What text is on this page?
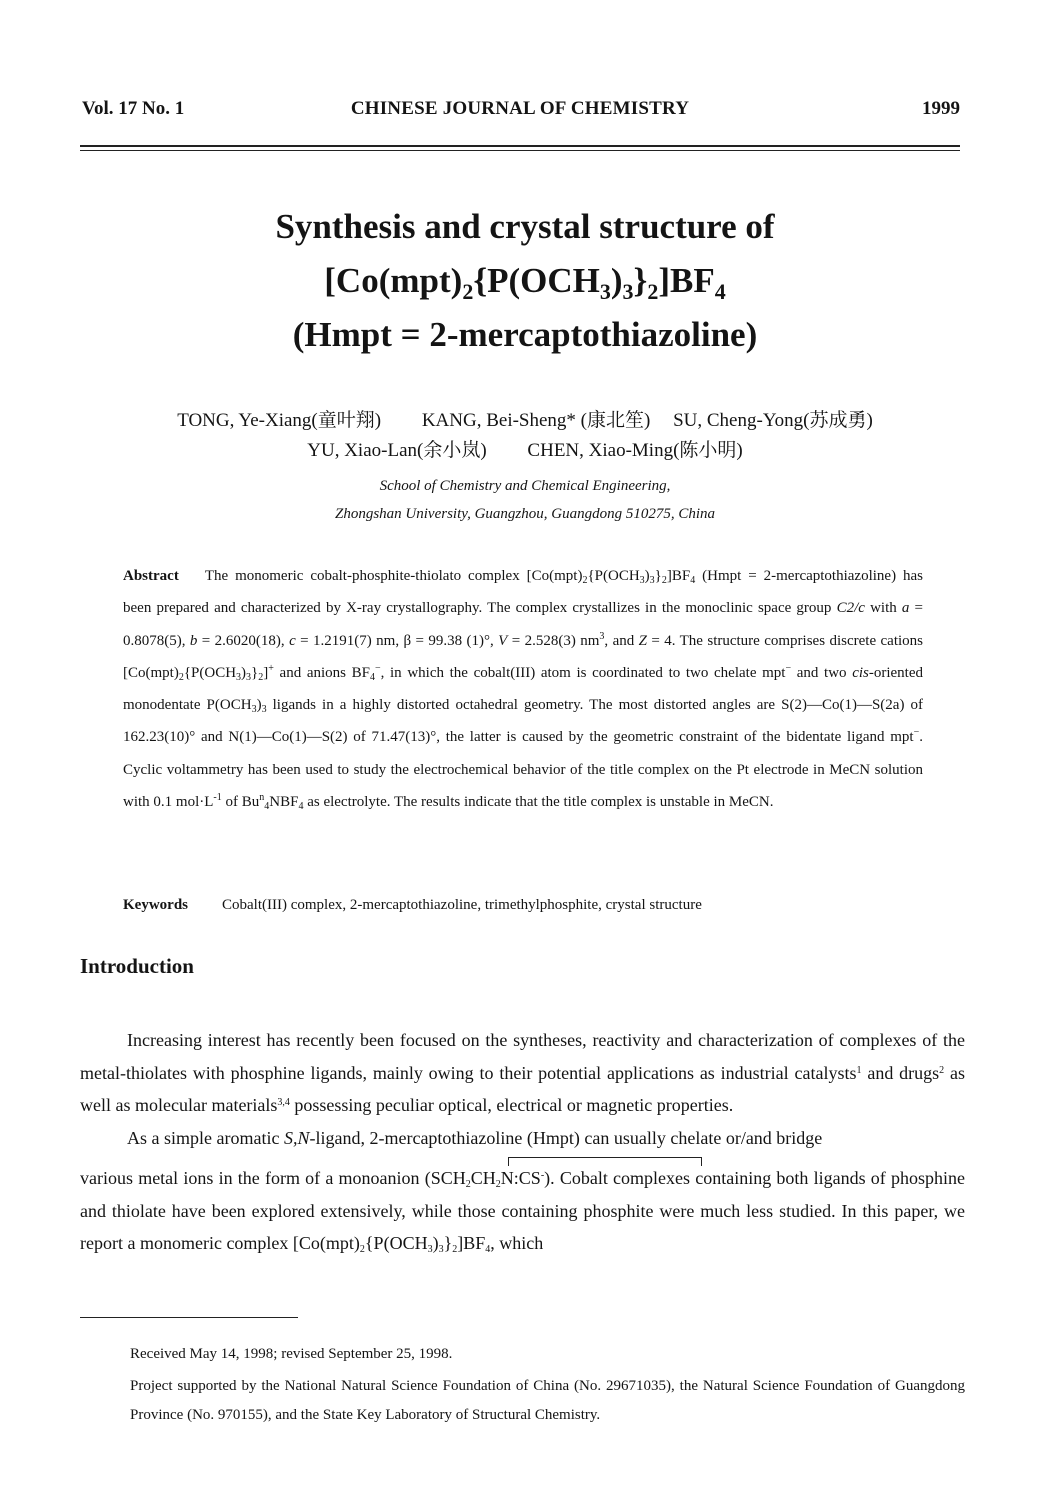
Vol. 17 No. 1	CHINESE JOURNAL OF CHEMISTRY	1999
Synthesis and crystal structure of
$[Co(mpt)_2\{P(OCH_3)_3\}_2]BF_4$
(Hmpt = 2-mercaptothiazoline)
TONG, Ye-Xiang(童叶翔) KANG, Bei-Sheng* (康北笙) SU, Cheng-Yong(苏成勇)
YU, Xiao-Lan(余小岚) CHEN, Xiao-Ming(陈小明)
School of Chemistry and Chemical Engineering,
Zhongshan University, Guangzhou, Guangdong 510275, China
Abstract The monomeric cobalt-phosphite-thiolato complex $[Co(mpt)_2\{P(OCH_3)_3\}_2]BF_4$ (Hmpt = 2-mercaptothiazoline) has been prepared and characterized by X-ray crystallography. The complex crystallizes in the monoclinic space group C2/c with a = 0.8078(5), b = 2.6020(18), c = 1.2191(7) nm, β = 99.38 (1)°, V = 2.528(3) $nm^3$, and Z = 4. The structure comprises discrete cations $[Co(mpt)_2\{P(OCH_3)_3\}_2]^+$ and anions $BF_4^-$, in which the cobalt(III) atom is coordinated to two chelate mpt− and two cis-oriented monodentate $P(OCH_3)_3$ ligands in a highly distorted octahedral geometry. The most distorted angles are S(2)—Co(1)—S(2a) of 162.23(10)° and N(1)—Co(1)—S(2) of 71.47(13)°, the latter is caused by the geometric constraint of the bidentate ligand mpt−. Cyclic voltammetry has been used to study the electrochemical behavior of the title complex on the Pt electrode in MeCN solution with 0.1 $mol\cdot L^{-1}$ of $Bu^n_4NBF_4$ as electrolyte. The results indicate that the title complex is unstable in MeCN.
Keywords Cobalt(III) complex, 2-mercaptothiazoline, trimethylphosphite, crystal structure
Introduction

Increasing interest has recently been focused on the syntheses, reactivity and characterization of complexes of the metal-thiolates with phosphine ligands, mainly owing to their potential applications as industrial catalysts$^1$ and drugs$^2$ as well as molecular materials$^{3,4}$ possessing peculiar optical, electrical or magnetic properties.

As a simple aromatic S,N-ligand, 2-mercaptothiazoline (Hmpt) can usually chelate or/and bridge
various metal ions in the form of a monoanion $(SCH_2CH_2N:CS^-)$. Cobalt complexes containing both ligands of phosphine and thiolate have been explored extensively, while those containing phosphite were much less studied. In this paper, we report a monomeric complex $[Co(mpt)_2\{P(OCH_3)_3\}_2]BF_4$, which

Received May 14, 1998; revised September 25, 1998.

Project supported by the National Natural Science Foundation of China (No. 29671035), the Natural Science Foundation of Guangdong Province (No. 970155), and the State Key Laboratory of Structural Chemistry.
